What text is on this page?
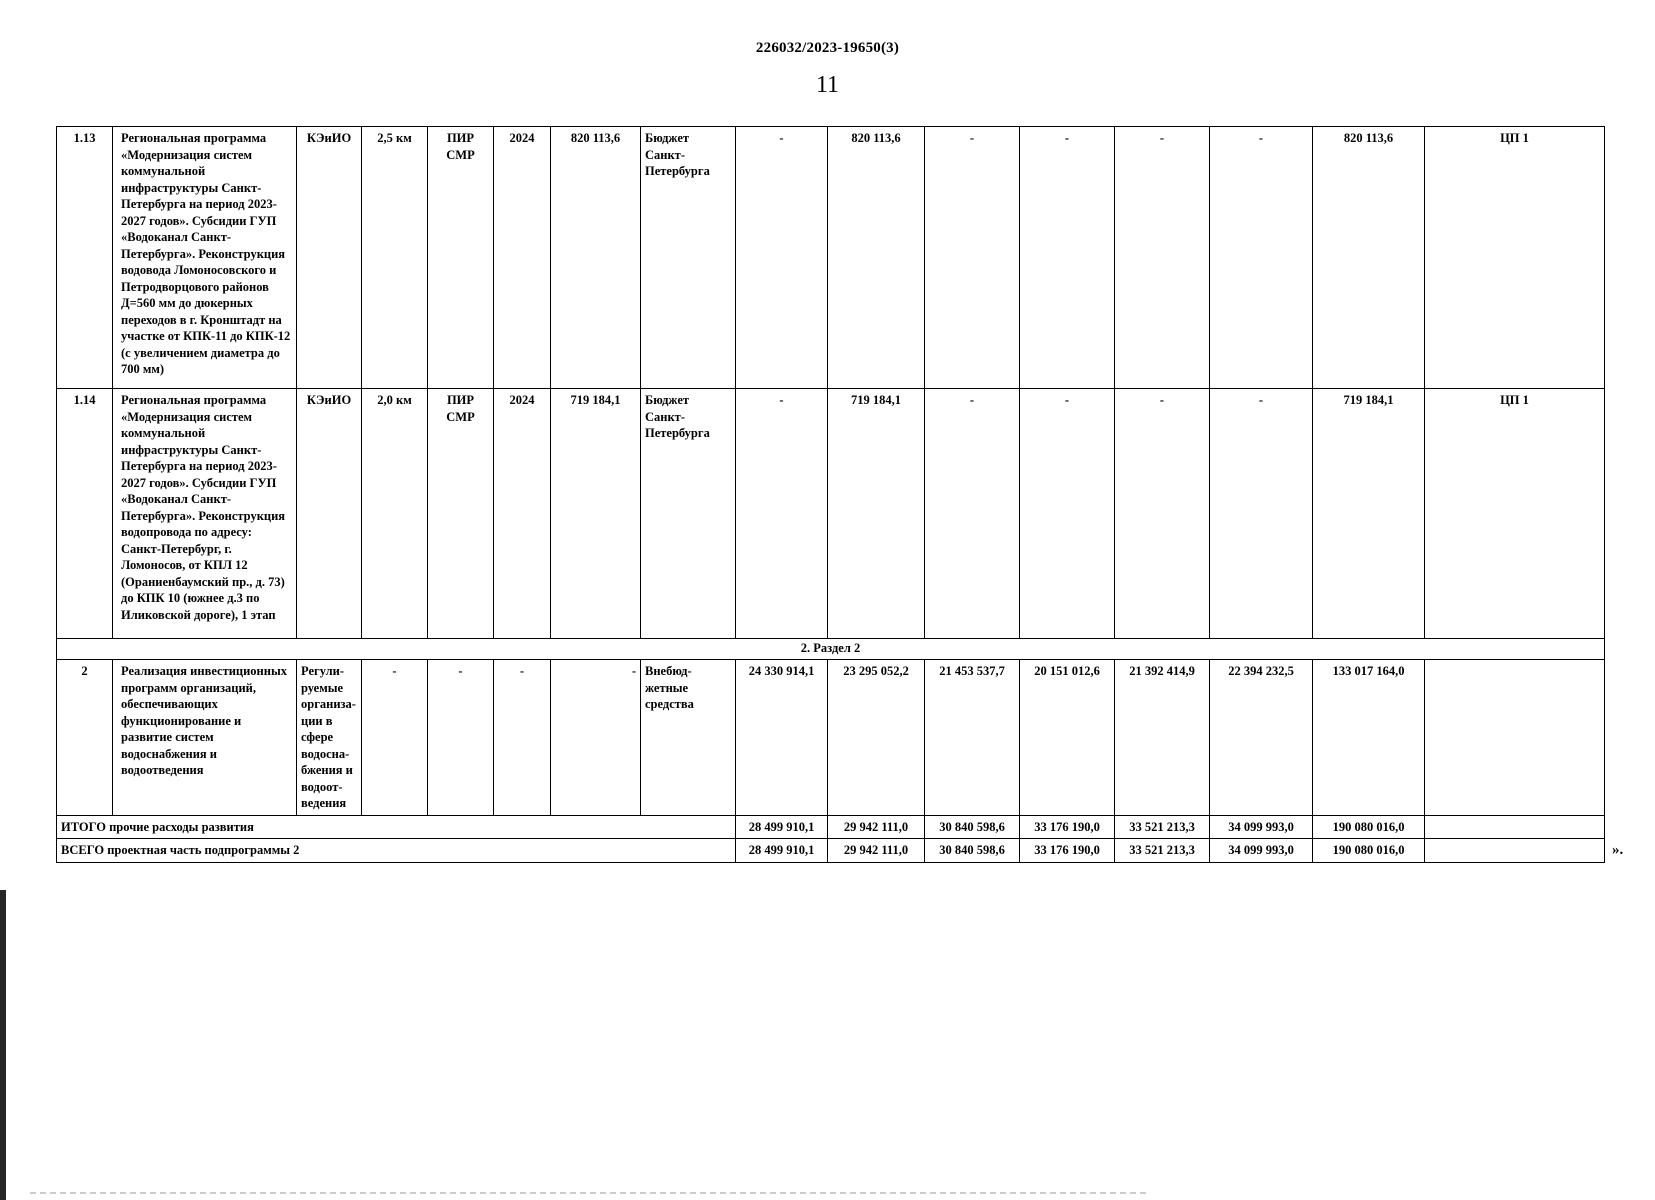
226032/2023-19650(3)
11
1.13	Региональная программа «Модернизация систем коммунальной инфраструктуры Санкт-Петербурга на период 2023-2027 годов». Субсидии ГУП «Водоканал Санкт-Петербурга». Реконструкция водовода Ломоносовского и Петродворцового районов Д=560 мм до дюкерных переходов в г. Кронштадт на участке от КПК-11 до КПК-12 (с увеличением диаметра до 700 мм)	КЭиИО	2,5 км	ПИР СМР	2024	820 113,6	Бюджет Санкт-Петербурга	-	820 113,6	-	-	-	-	820 113,6	ЦП 1
1.14	Региональная программа «Модернизация систем коммунальной инфраструктуры Санкт-Петербурга на период 2023-2027 годов». Субсидии ГУП «Водоканал Санкт-Петербурга». Реконструкция водопровода по адресу: Санкт-Петербург, г. Ломоносов, от КПЛ 12 (Ораниенбаумский пр., д. 73) до КПК 10 (южнее д.3 по Иликовской дороге), 1 этап	КЭиИО	2,0 км	ПИР СМР	2024	719 184,1	Бюджет Санкт-Петербурга	-	719 184,1	-	-	-	-	719 184,1	ЦП 1
2. Раздел 2															
2	Реализация инвестиционных программ организаций, обеспечивающих функционирование и развитие систем водоснабжения и водоотведения	Регули-руемые организа-ции в сфере водосна-бжения и водоот-ведения	-	-	-	-	Внебюд-жетные средства	24 330 914,1	23 295 052,2	21 453 537,7	20 151 012,6	21 392 414,9	22 394 232,5	133 017 164,0	
ИТОГО прочие расходы развития								28 499 910,1	29 942 111,0	30 840 598,6	33 176 190,0	33 521 213,3	34 099 993,0	190 080 016,0	
ВСЕГО проектная часть подпрограммы 2								28 499 910,1	29 942 111,0	30 840 598,6	33 176 190,0	33 521 213,3	34 099 993,0	190 080 016,0		».
